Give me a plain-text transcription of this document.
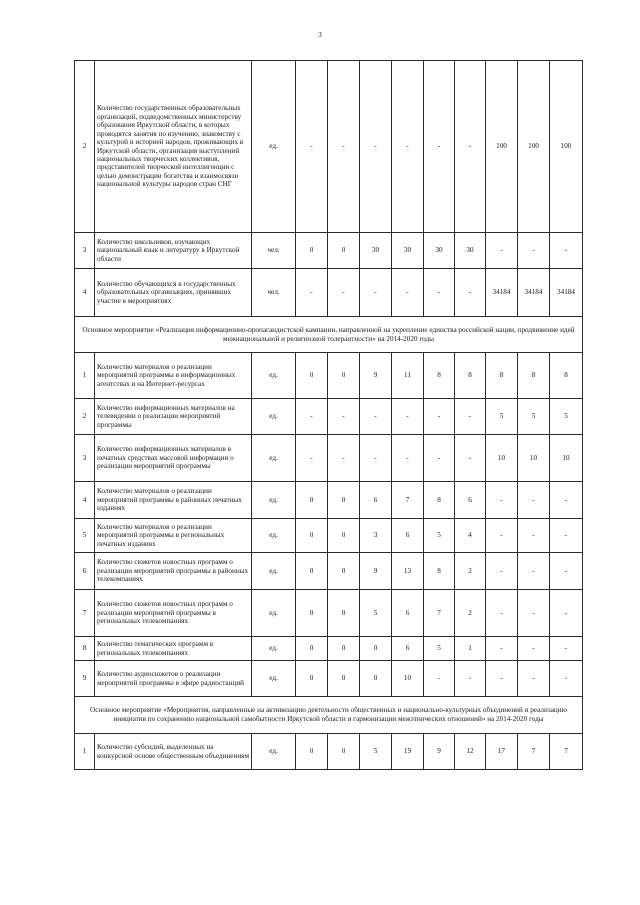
3
2	Количество государственных образовательных организаций, подведомственных министерству образования Иркутской области, в которых проводятся занятия по изучению, знакомству с культурой и историей народов, проживающих в Иркутской области, организация выступлений национальных творческих коллективов, представителей творческой интеллигенции с целью демонстрации богатства и взаимосвязи национальной культуры народов стран СНГ	ед.	-	-	-	-	-	-	100	100	100
3	Количество школьников, изучающих национальный язык и литературу в Иркутской области	чел.	0	0	30	30	30	30	-	-	-
4	Количество обучающихся в государственных образовательных организациях, принявших участие в мероприятиях	чел.	-	-	-	-	-	-	34184	34184	34184
Основное мероприятие «Реализация информационно-пропагандистской кампании, направленной на укрепление единства российской нации, продвижение идей межнациональной и религиозной толерантности» на 2014-2020 годы											
1	Количество материалов о реализации мероприятий программы в информационных агентствах и на Интернет-ресурсах	ед.	0	0	9	11	8	8	8	8	8
2	Количество информационных материалов на телевидении о реализации мероприятий программы	ед.	-	-	-	-	-	-	5	5	5
3	Количество информационных материалов в печатных средствах массовой информации о реализации мероприятий программы	ед.	-	-	-	-	-	-	10	10	10
4	Количество материалов о реализации мероприятий программы в районных печатных изданиях	ед.	0	0	6	7	8	6	-	-	-
5	Количество материалов о реализации мероприятий программы в региональных печатных изданиях	ед.	0	0	3	6	5	4	-	-	-
6	Количество сюжетов новостных программ о реализации мероприятий программы в районных телекомпаниях	ед.	0	0	9	13	8	2	-	-	-
7	Количество сюжетов новостных программ о реализации мероприятий программы в региональных телекомпаниях	ед.	0	0	5	6	7	2	-	-	-
8	Количество тематических программ в региональных телекомпаниях	ед.	0	0	0	6	5	1	-	-	-
9	Количество аудиосюжетов о реализации мероприятий программы в эфире радиостанций	ед.	0	0	0	10	-	-	-	-	-
Основное мероприятие «Мероприятия, направленные на активизацию деятельности общественных и национально-культурных объединений и реализацию инициатив по сохранению национальной самобытности Иркутской области и гармонизации межэтнических отношений» на 2014-2020 годы											
1	Количество субсидий, выделенных на конкурсной основе общественным объединениям	ед.	0	0	5	19	9	12	17	7	7
